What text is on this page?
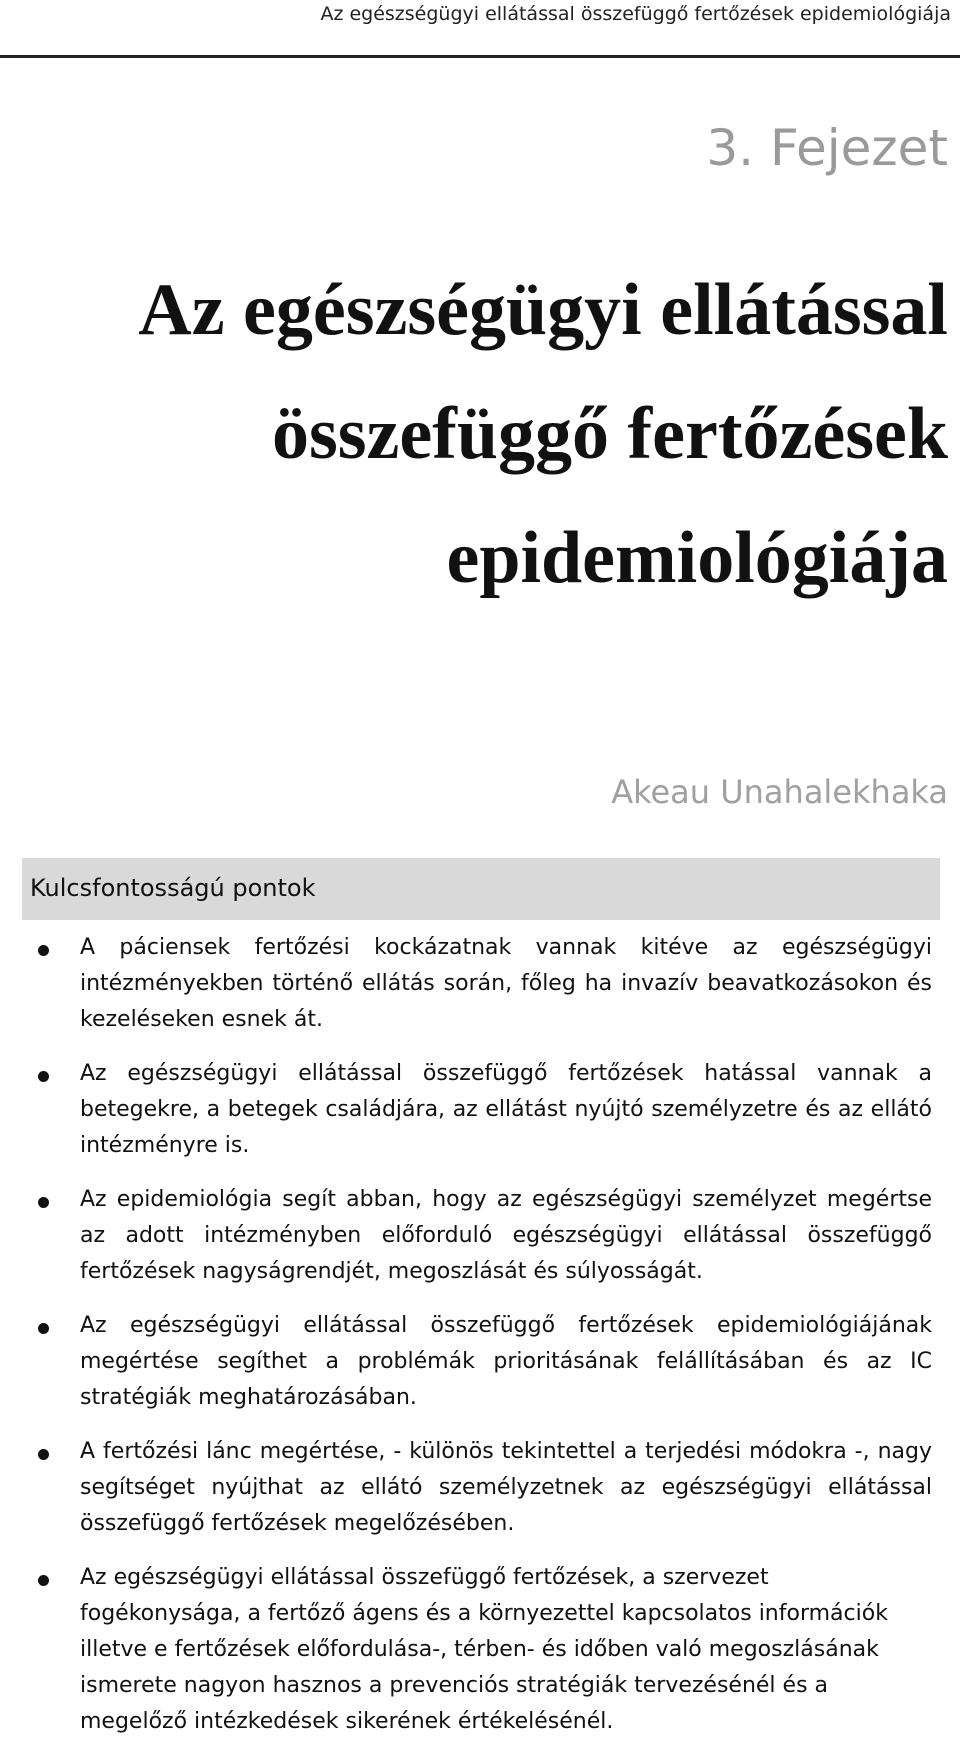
Az egészségügyi ellátással összefüggő fertőzések epidemiológiája
3. Fejezet
Az egészségügyi ellátással összefüggő fertőzések epidemiológiája
Akeau Unahalekhaka
Kulcsfontosságú pontok
A páciensek fertőzési kockázatnak vannak kitéve az egészségügyi intézményekben történő ellátás során, főleg ha invazív beavatkozásokon és kezeléseken esnek át.
Az egészségügyi ellátással összefüggő fertőzések hatással vannak a betegekre, a betegek családjára, az ellátást nyújtó személyzetre és az ellátó intézményre is.
Az epidemiológia segít abban, hogy az egészségügyi személyzet megértse az adott intézményben előforduló egészségügyi ellátással összefüggő fertőzések nagyságrendjét, megoszlását és súlyosságát.
Az egészségügyi ellátással összefüggő fertőzések epidemiológiájának megértése segíthet a problémák prioritásának felállításában és az IC stratégiák meghatározásában.
A fertőzési lánc megértése, - különös tekintettel a terjedési módokra -, nagy segítséget nyújthat az ellátó személyzetnek az egészségügyi ellátással összefüggő fertőzések megelőzésében.
Az egészségügyi ellátással összefüggő fertőzések, a szervezet fogékonysága, a fertőző ágens és a környezettel kapcsolatos információk illetve e fertőzések előfordulása-, térben- és időben való megoszlásának ismerete nagyon hasznos a prevenciós stratégiák tervezésénél és a megelőző intézkedések sikerének értékelésénél.
